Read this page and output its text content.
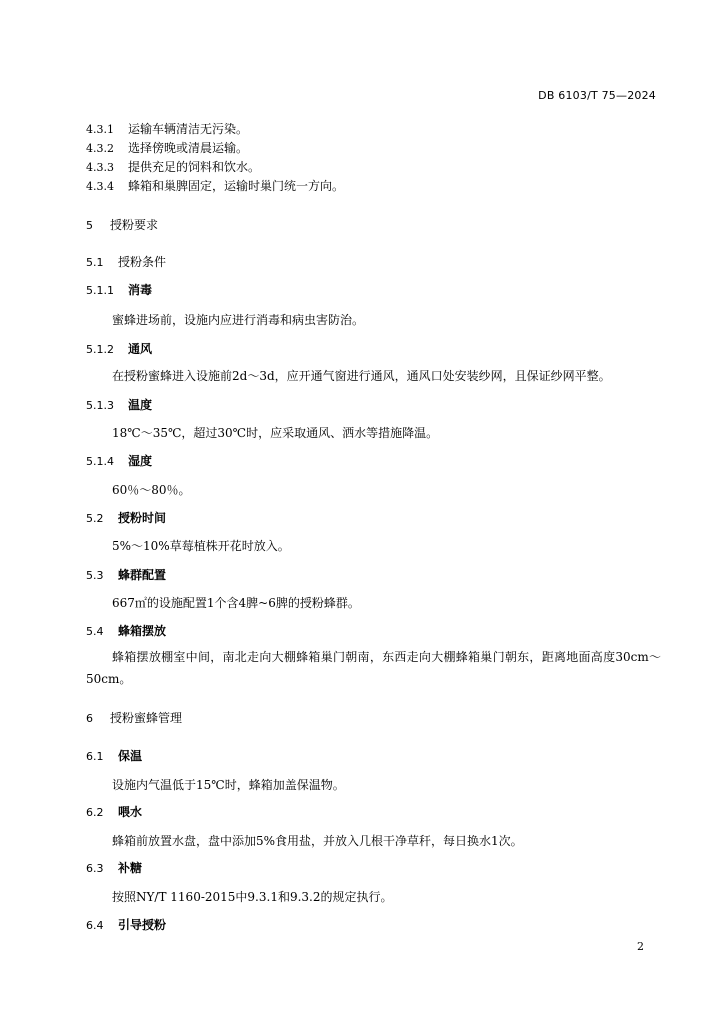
DB 6103/T 75—2024
4.3.1 运输车辆清洁无污染。
4.3.2 选择傍晚或清晨运输。
4.3.3 提供充足的饲料和饮水。
4.3.4 蜂箱和巢脾固定，运输时巢门统一方向。
5 授粉要求
5.1 授粉条件
5.1.1 消毒
蜜蜂进场前，设施内应进行消毒和病虫害防治。
5.1.2 通风
在授粉蜜蜂进入设施前2d～3d，应开通气窗进行通风，通风口处安装纱网，且保证纱网平整。
5.1.3 温度
18℃～35℃，超过30℃时，应采取通风、洒水等措施降温。
5.1.4 湿度
60％～80％。
5.2 授粉时间
5%～10%草莓植株开花时放入。
5.3 蜂群配置
667㎡的设施配置1个含4脾~6脾的授粉蜂群。
5.4 蜂箱摆放
蜂箱摆放棚室中间，南北走向大棚蜂箱巢门朝南，东西走向大棚蜂箱巢门朝东，距离地面高度30cm～50cm。
6 授粉蜜蜂管理
6.1 保温
设施内气温低于15℃时，蜂箱加盖保温物。
6.2 喂水
蜂箱前放置水盘，盘中添加5%食用盐，并放入几根干净草秆，每日换水1次。
6.3 补糖
按照NY/T 1160-2015中9.3.1和9.3.2的规定执行。
6.4 引导授粉
2
